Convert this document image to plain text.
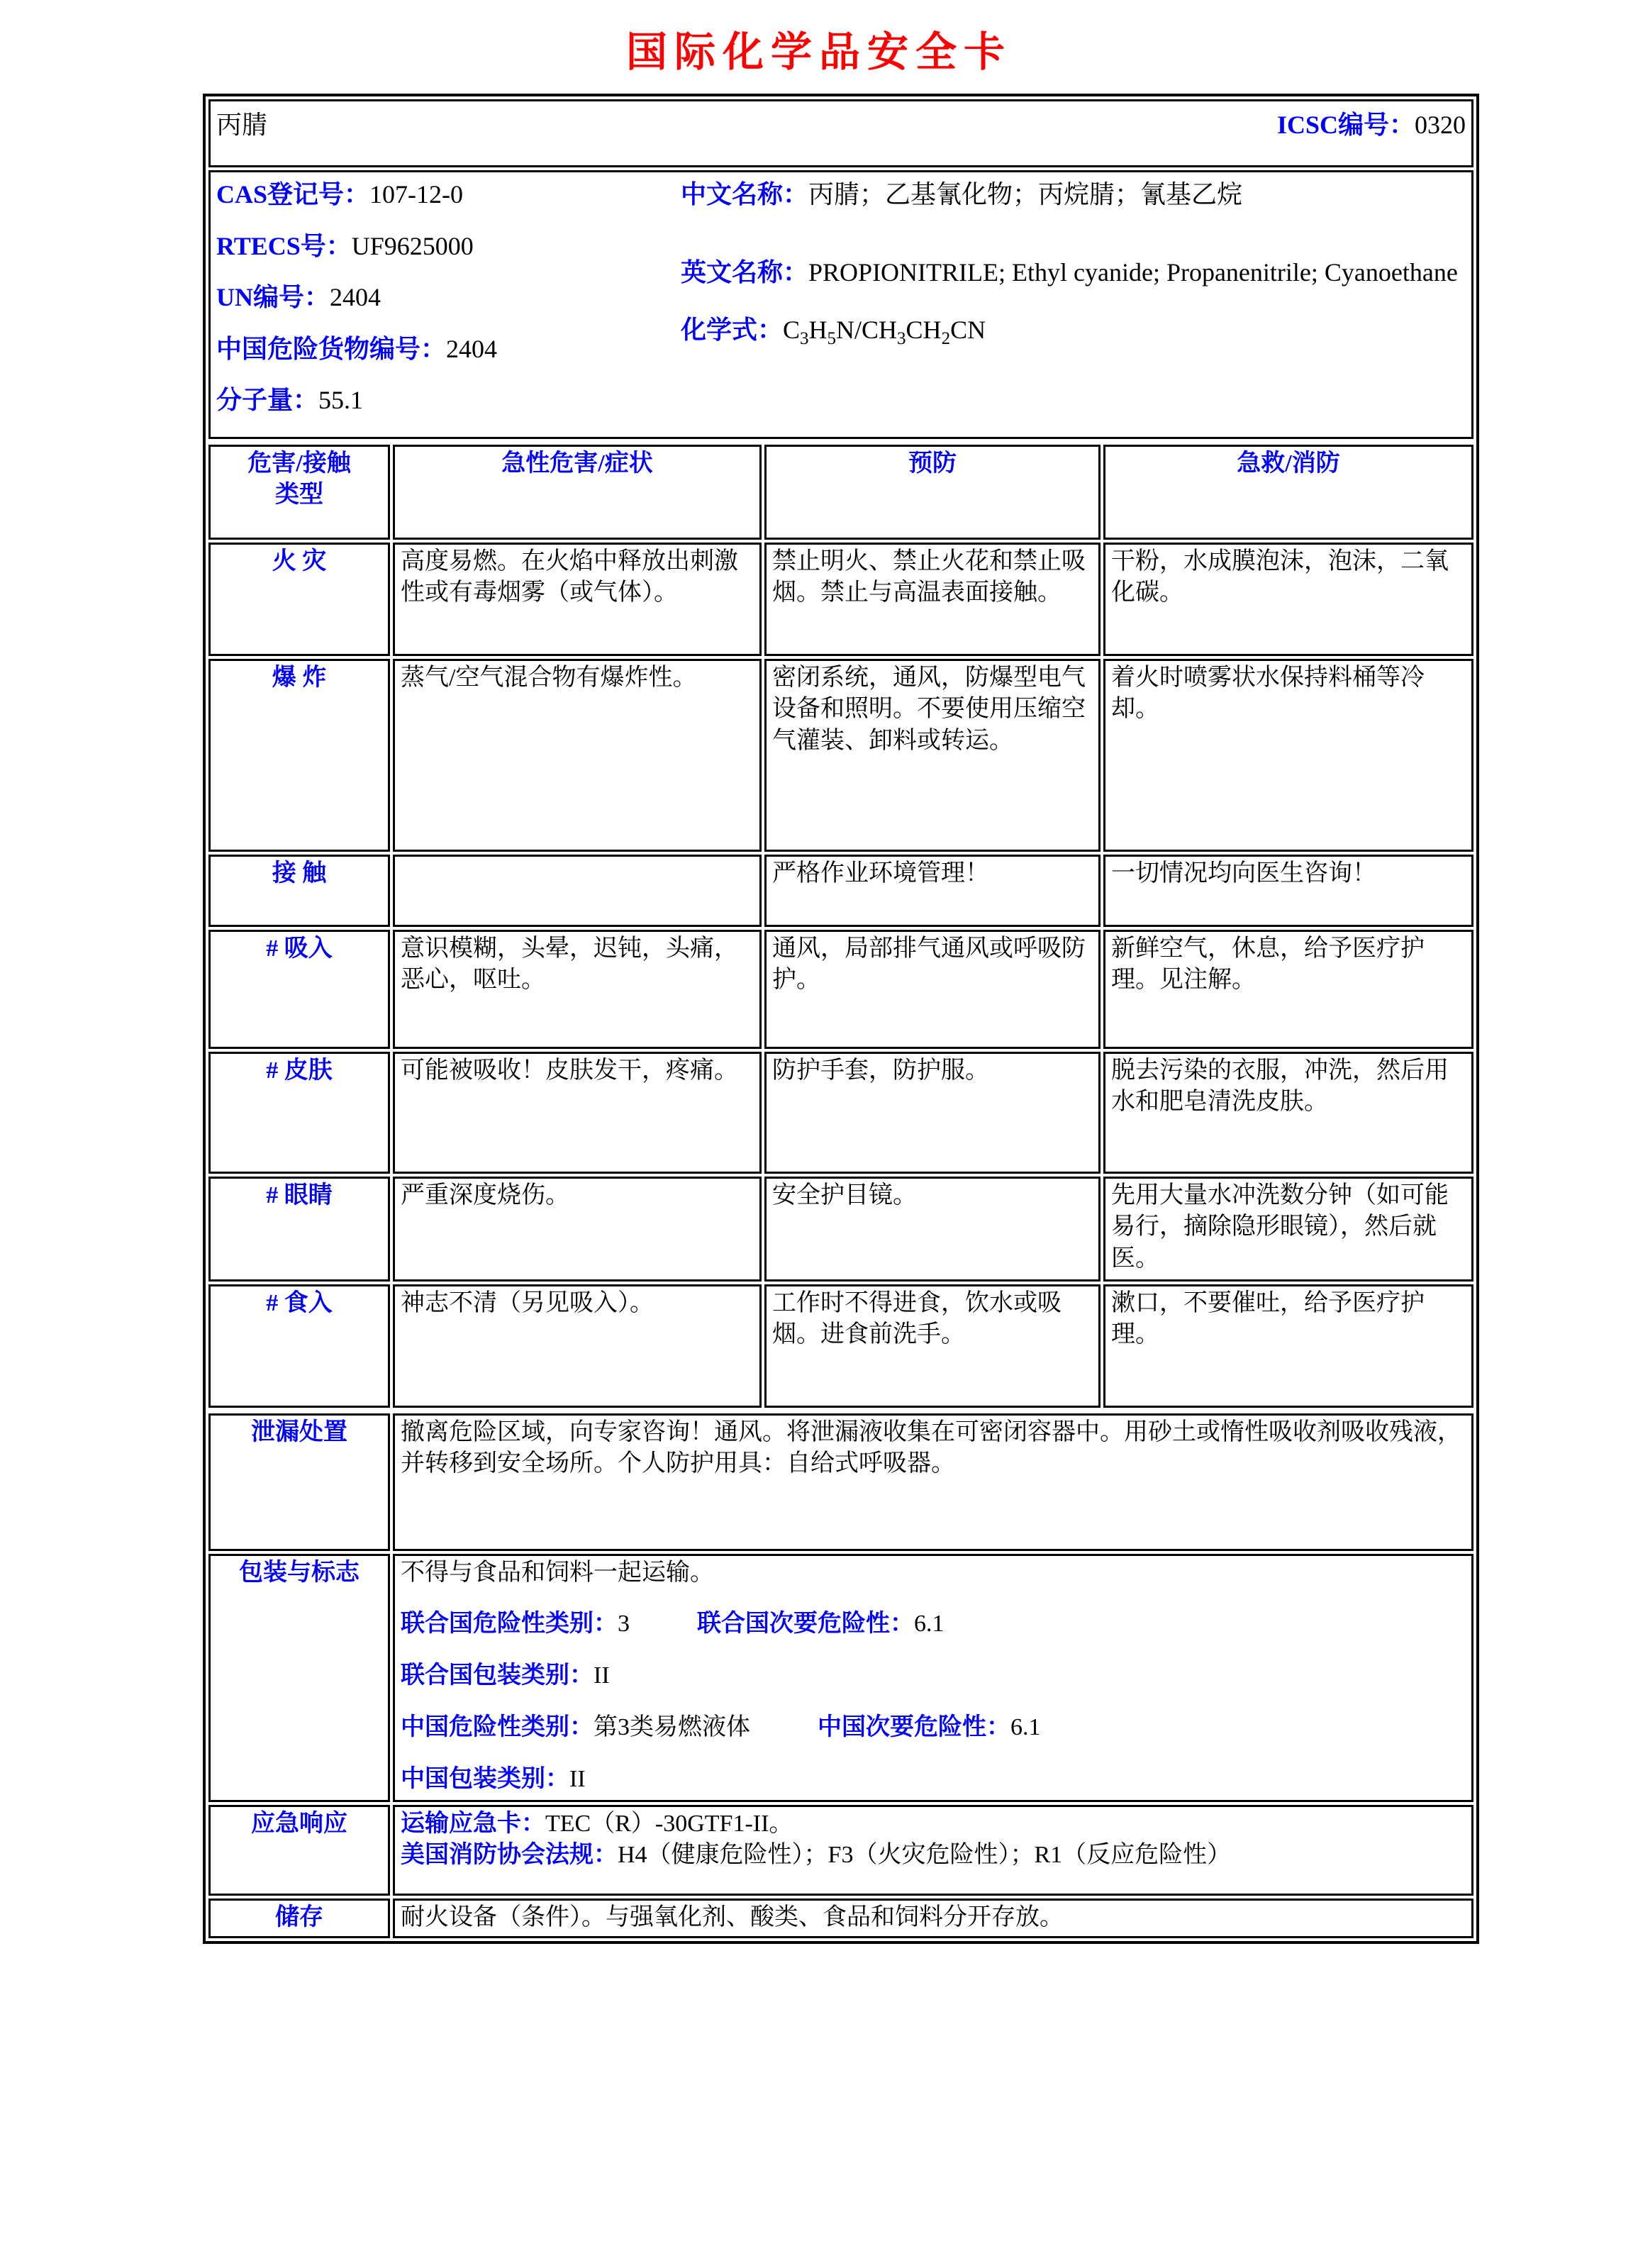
国际化学品安全卡
丙腈	ICSC编号：0320

CAS登记号：107-12-0
RTECS号：UF9625000
UN编号：2404
中国危险货物编号：2404
分子量：55.1
中文名称：丙腈；乙基氰化物；丙烷腈；氰基乙烷
英文名称：PROPIONITRILE; Ethyl cyanide; Propanenitrile; Cyanoethane
化学式：$C_3H_5N/CH_3CH_2CN$
危害/接触
类型	急性危害/症状	预防	急救/消防
火 灾	高度易燃。在火焰中释放出刺激性或有毒烟雾（或气体）。	禁止明火、禁止火花和禁止吸烟。禁止与高温表面接触。	干粉，水成膜泡沫，泡沫，二氧化碳。
爆 炸	蒸气/空气混合物有爆炸性。	密闭系统，通风，防爆型电气设备和照明。不要使用压缩空气灌装、卸料或转运。	着火时喷雾状水保持料桶等冷却。
接 触		严格作业环境管理！	一切情况均向医生咨询！
# 吸入	意识模糊，头晕，迟钝，头痛，恶心，呕吐。	通风，局部排气通风或呼吸防护。	新鲜空气，休息，给予医疗护理。见注解。
# 皮肤	可能被吸收！皮肤发干，疼痛。	防护手套，防护服。	脱去污染的衣服，冲洗，然后用水和肥皂清洗皮肤。
# 眼睛	严重深度烧伤。	安全护目镜。	先用大量水冲洗数分钟（如可能易行，摘除隐形眼镜），然后就医。
# 食入	神志不清（另见吸入）。	工作时不得进食，饮水或吸烟。进食前洗手。	漱口，不要催吐，给予医疗护理。
泄漏处置	撤离危险区域，向专家咨询！通风。将泄漏液收集在可密闭容器中。用砂土或惰性吸收剂吸收残液，并转移到安全场所。个人防护用具：自给式呼吸器。
包装与标志	不得与食品和饲料一起运输。
联合国危险性类别：3 联合国次要危险性：6.1
联合国包装类别：II
中国危险性类别：第3类易燃液体 中国次要危险性：6.1
中国包装类别：II

应急响应	运输应急卡：TEC（R）-30GTF1-II。
美国消防协会法规：H4（健康危险性）；F3（火灾危险性）；R1（反应危险性）

储存	耐火设备（条件）。与强氧化剂、酸类、食品和饲料分开存放。
